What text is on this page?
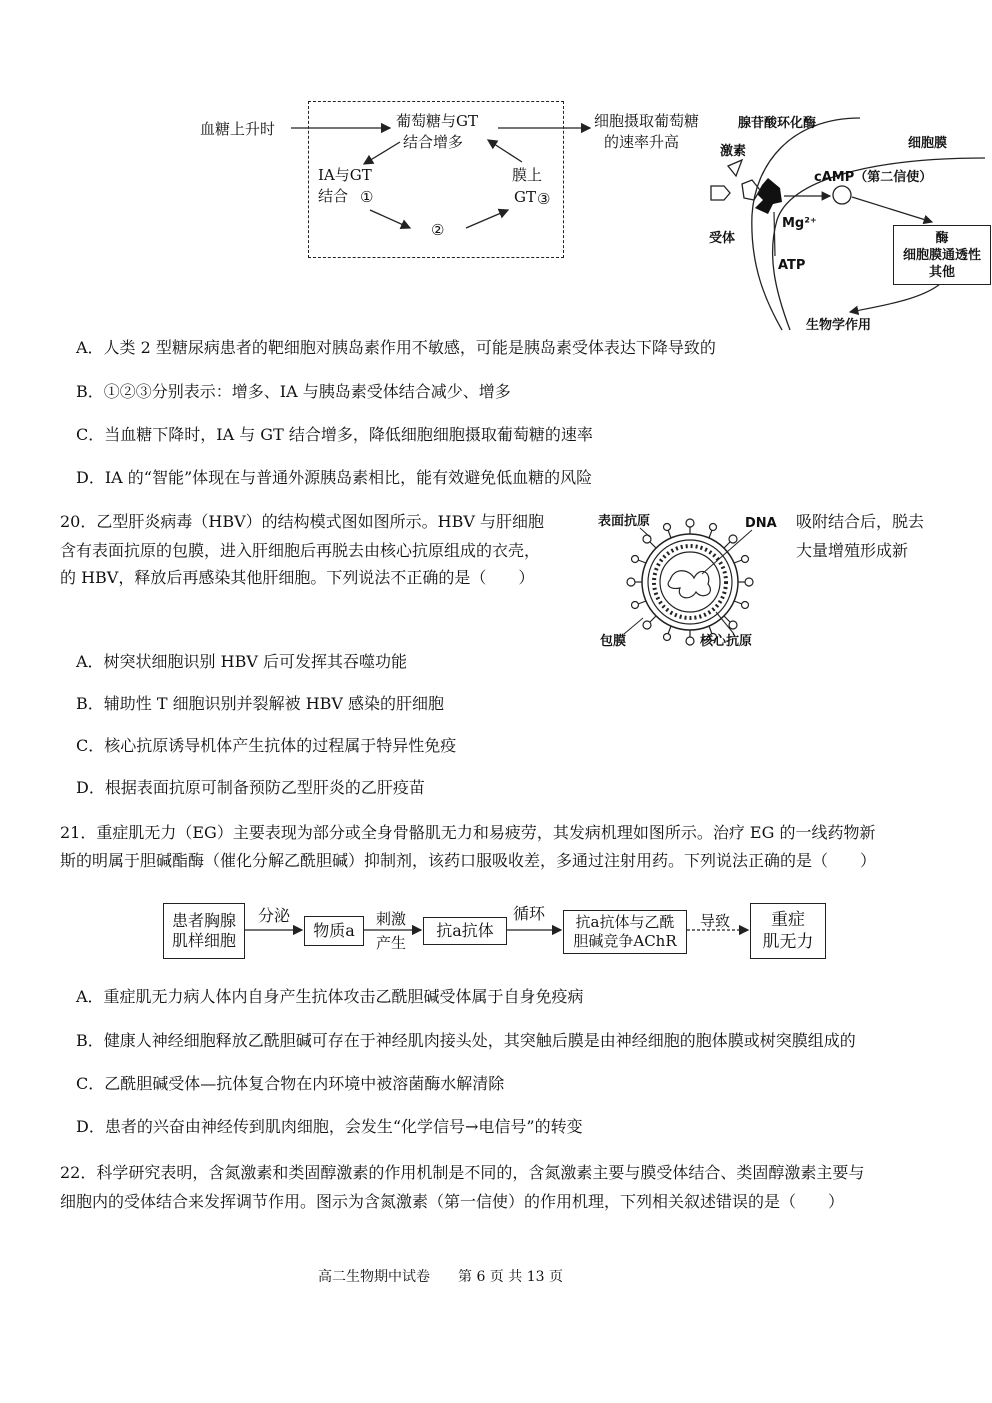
血糖上升时	葡萄糖与GT
结合增多
IA与GT
结合 ①
膜上
GT ③
②
细胞摄取葡萄糖
的速率升高
腺苷酸环化酶
细胞膜
激素
cAMP（第二信使）
Mg²⁺
受体
ATP
酶
细胞膜通透性
其他
生物学作用
A．人类 2 型糖尿病患者的靶细胞对胰岛素作用不敏感，可能是胰岛素受体表达下降导致的
B．①②③分别表示：增多、IA 与胰岛素受体结合减少、增多
C．当血糖下降时，IA 与 GT 结合增多，降低细胞细胞摄取葡萄糖的速率
D．IA 的“智能”体现在与普通外源胰岛素相比，能有效避免低血糖的风险
20．乙型肝炎病毒（HBV）的结构模式图如图所示。HBV 与肝细胞	吸附结合后，脱去
含有表面抗原的包膜，进入肝细胞后再脱去由核心抗原组成的衣壳，	大量增殖形成新
的 HBV，释放后再感染其他肝细胞。下列说法不正确的是（　　）
表面抗原	DNA
包膜	核心抗原
A．树突状细胞识别 HBV 后可发挥其吞噬功能
B．辅助性 T 细胞识别并裂解被 HBV 感染的肝细胞
C．核心抗原诱导机体产生抗体的过程属于特异性免疫
D．根据表面抗原可制备预防乙型肝炎的乙肝疫苗
21．重症肌无力（EG）主要表现为部分或全身骨骼肌无力和易疲劳，其发病机理如图所示。治疗 EG 的一线药物新
斯的明属于胆碱酯酶（催化分解乙酰胆碱）抑制剂，该药口服吸收差，多通过注射用药。下列说法正确的是（　　）
患者胸腺
肌样细胞
物质a	抗a抗体	抗a抗体与乙酰
胆碱竞争AChR
重症
肌无力
分泌	刺激
产生
循环	导致
A．重症肌无力病人体内自身产生抗体攻击乙酰胆碱受体属于自身免疫病
B．健康人神经细胞释放乙酰胆碱可存在于神经肌肉接头处，其突触后膜是由神经细胞的胞体膜或树突膜组成的
C．乙酰胆碱受体—抗体复合物在内环境中被溶菌酶水解清除
D．患者的兴奋由神经传到肌肉细胞，会发生“化学信号→电信号”的转变
22．科学研究表明，含氮激素和类固醇激素的作用机制是不同的，含氮激素主要与膜受体结合、类固醇激素主要与
细胞内的受体结合来发挥调节作用。图示为含氮激素（第一信使）的作用机理，下列相关叙述错误的是（　　）
高二生物期中试卷　　第 6 页 共 13 页
